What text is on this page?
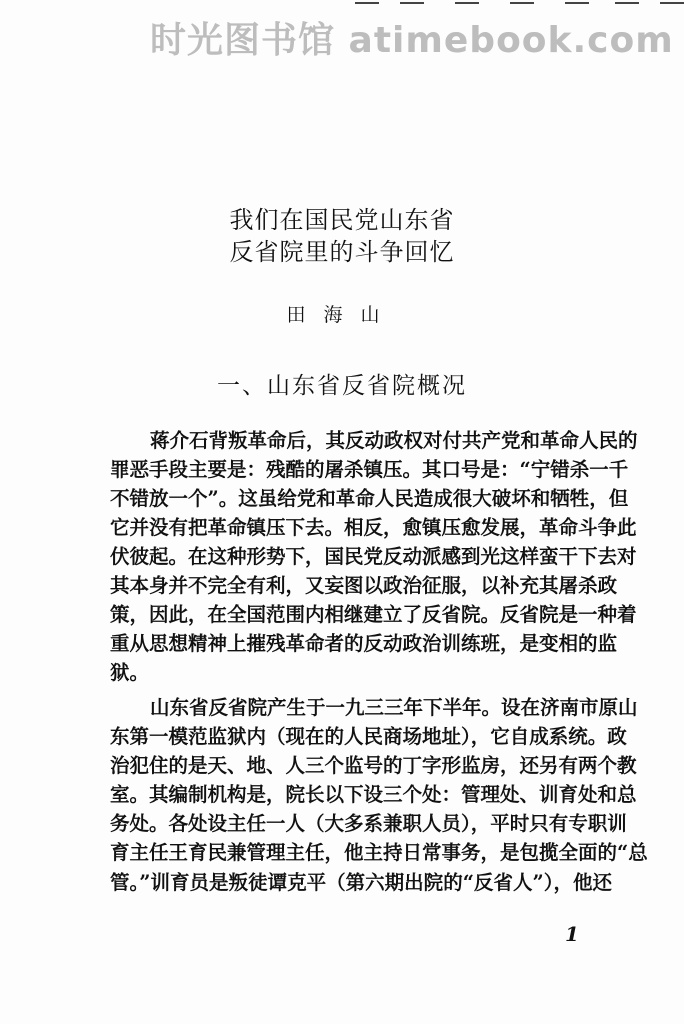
时光图书馆 atimebook.com
我们在国民党山东省
反省院里的斗争回忆
田海山
一、山东省反省院概况
蒋介石背叛革命后，其反动政权对付共产党和革命人民的
罪恶手段主要是：残酷的屠杀镇压。其口号是：“宁错杀一千
不错放一个”。这虽给党和革命人民造成很大破坏和牺牲，但
它并没有把革命镇压下去。相反，愈镇压愈发展，革命斗争此
伏彼起。在这种形势下，国民党反动派感到光这样蛮干下去对
其本身并不完全有利，又妄图以政治征服，以补充其屠杀政
策，因此，在全国范围内相继建立了反省院。反省院是一种着
重从思想精神上摧残革命者的反动政治训练班，是变相的监
狱。
山东省反省院产生于一九三三年下半年。设在济南市原山
东第一模范监狱内（现在的人民商场地址），它自成系统。政
治犯住的是天、地、人三个监号的丁字形监房，还另有两个教
室。其编制机构是，院长以下设三个处：管理处、训育处和总
务处。各处设主任一人（大多系兼职人员），平时只有专职训
育主任王育民兼管理主任，他主持日常事务，是包揽全面的“总
管。”训育员是叛徒谭克平（第六期出院的“反省人”），他还
1
